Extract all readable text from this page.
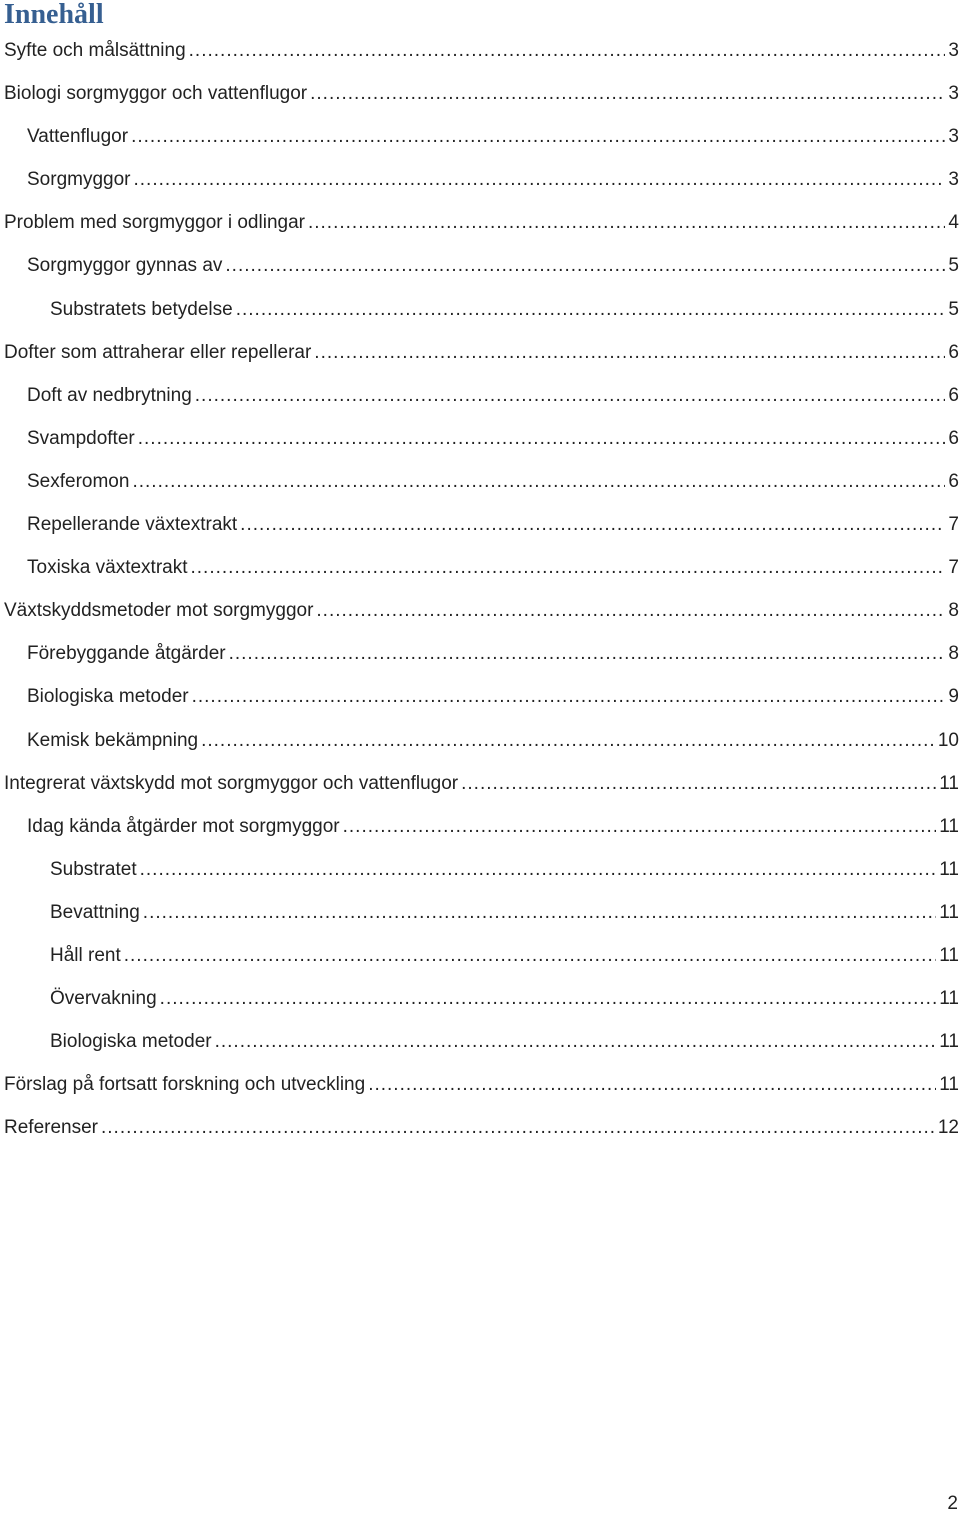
Innehåll
Syfte och målsättning .....	3
Biologi sorgmyggor och vattenflugor .....	3
Vattenflugor .....	3
Sorgmyggor .....	3
Problem med sorgmyggor i odlingar .....	4
Sorgmyggor gynnas av .....	5
Substratets betydelse .....	5
Dofter som attraherar eller repellerar .....	6
Doft av nedbrytning .....	6
Svampdofter .....	6
Sexferomon .....	6
Repellerande växtextrakt .....	7
Toxiska växtextrakt .....	7
Växtskyddsmetoder mot sorgmyggor .....	8
Förebyggande åtgärder .....	8
Biologiska metoder .....	9
Kemisk bekämpning .....	10
Integrerat växtskydd mot sorgmyggor och vattenflugor .....	11
Idag kända åtgärder mot sorgmyggor .....	11
Substratet .....	11
Bevattning .....	11
Håll rent .....	11
Övervakning .....	11
Biologiska metoder .....	11
Förslag på fortsatt forskning och utveckling .....	11
Referenser .....	12
2
